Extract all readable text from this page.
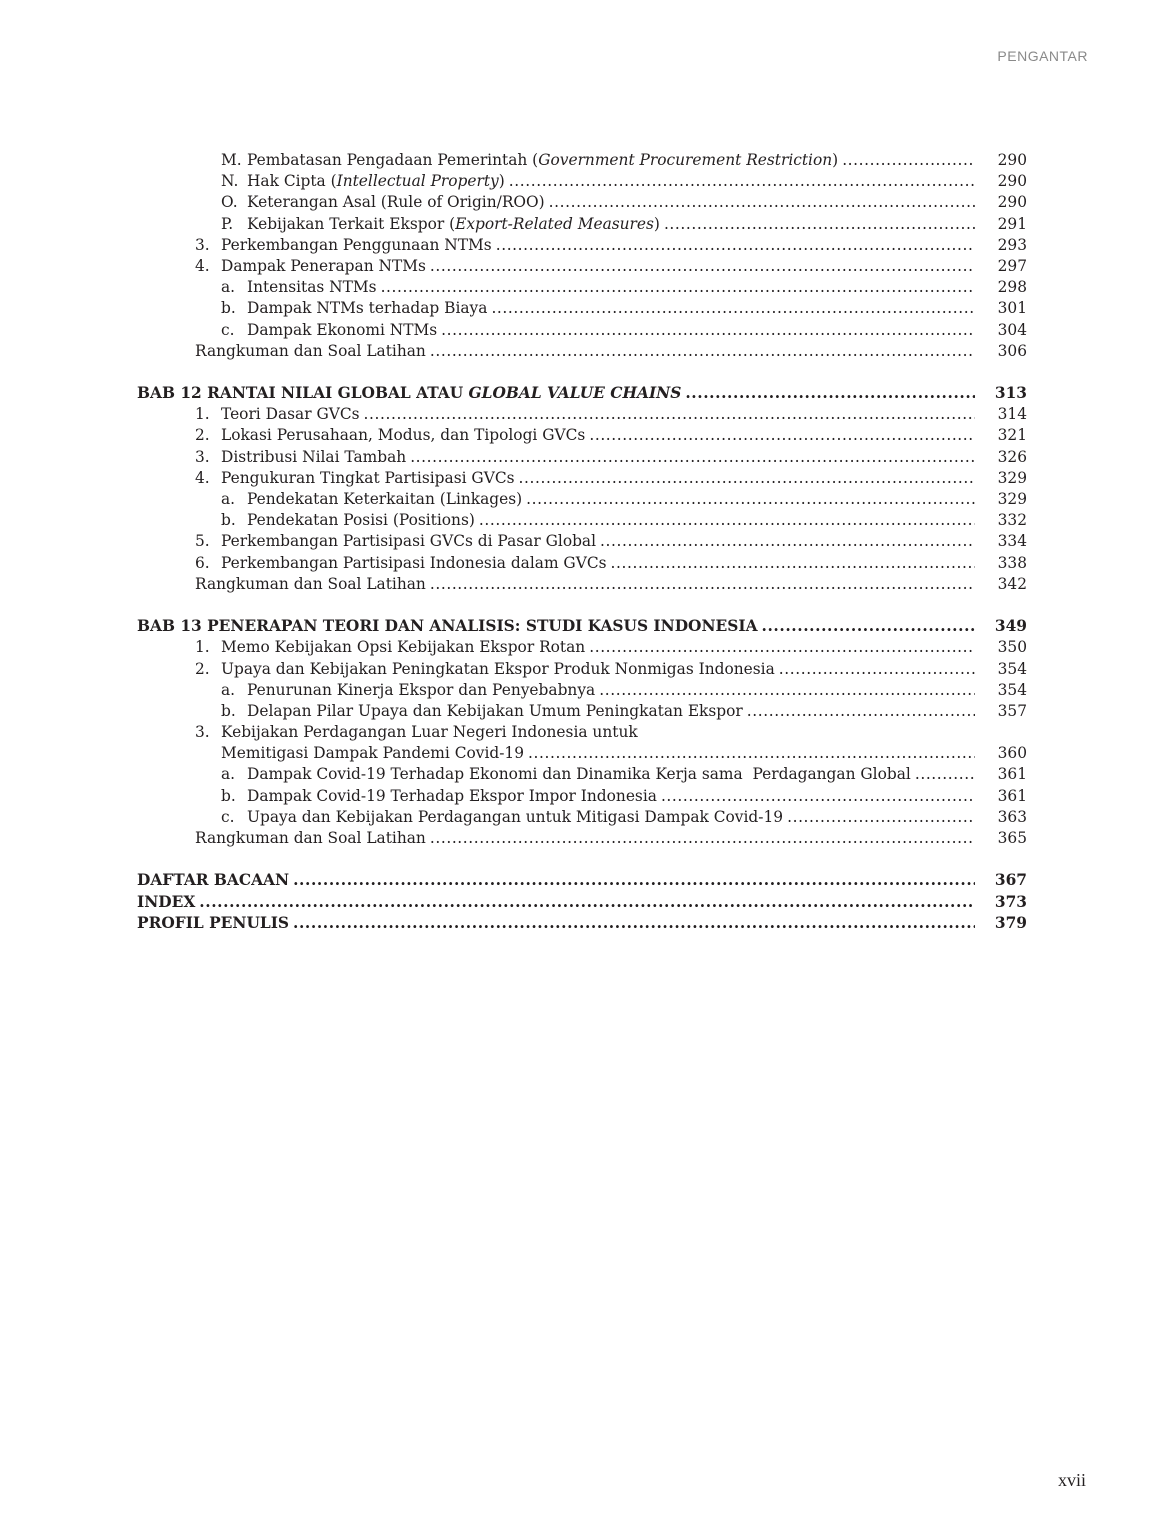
PENGANTAR
M. Pembatasan Pengadaan Pemerintah (Government Procurement Restriction) .....	290
N. Hak Cipta (Intellectual Property) .....	290
O. Keterangan Asal (Rule of Origin/ROO) .....	290
P. Kebijakan Terkait Ekspor (Export-Related Measures) .....	291
3. Perkembangan Penggunaan NTMs .....	293
4. Dampak Penerapan NTMs .....	297
a. Intensitas NTMs .....	298
b. Dampak NTMs terhadap Biaya .....	301
c. Dampak Ekonomi NTMs .....	304
Rangkuman dan Soal Latihan .....	306
BAB 12 RANTAI NILAI GLOBAL ATAU GLOBAL VALUE CHAINS .....	313
1. Teori Dasar GVCs .....	314
2. Lokasi Perusahaan, Modus, dan Tipologi GVCs .....	321
3. Distribusi Nilai Tambah .....	326
4. Pengukuran Tingkat Partisipasi GVCs .....	329
a. Pendekatan Keterkaitan (Linkages) .....	329
b. Pendekatan Posisi (Positions) .....	332
5. Perkembangan Partisipasi GVCs di Pasar Global .....	334
6. Perkembangan Partisipasi Indonesia dalam GVCs .....	338
Rangkuman dan Soal Latihan .....	342
BAB 13 PENERAPAN TEORI DAN ANALISIS: STUDI KASUS INDONESIA .....	349
1. Memo Kebijakan Opsi Kebijakan Ekspor Rotan .....	350
2. Upaya dan Kebijakan Peningkatan Ekspor Produk Nonmigas Indonesia .....	354
a. Penurunan Kinerja Ekspor dan Penyebabnya .....	354
b. Delapan Pilar Upaya dan Kebijakan Umum Peningkatan Ekspor .....	357
3. Kebijakan Perdagangan Luar Negeri Indonesia untuk
Memitigasi Dampak Pandemi Covid-19 .....	360
a. Dampak Covid-19 Terhadap Ekonomi dan Dinamika Kerja sama  Perdagangan Global .....	361
b. Dampak Covid-19 Terhadap Ekspor Impor Indonesia .....	361
c. Upaya dan Kebijakan Perdagangan untuk Mitigasi Dampak Covid-19 .....	363
Rangkuman dan Soal Latihan .....	365
DAFTAR BACAAN .....	367
INDEX .....	373
PROFIL PENULIS .....	379
xvii
